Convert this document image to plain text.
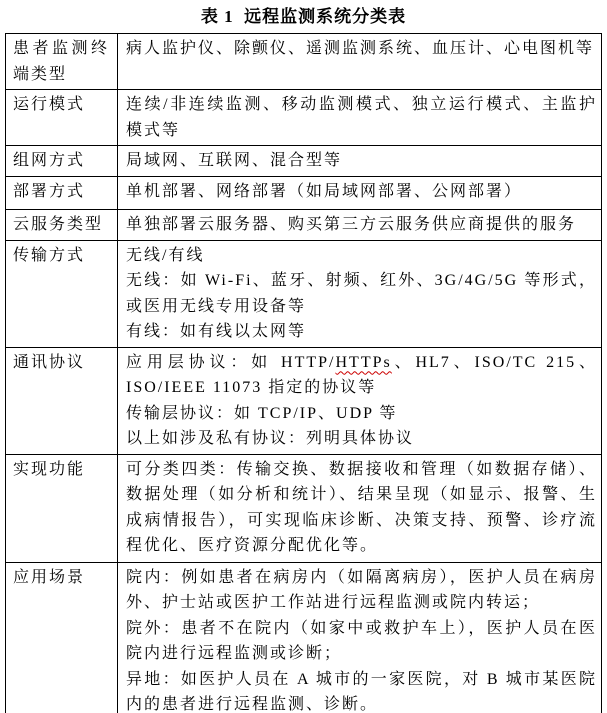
表 1  远程监测系统分类表
患者监测终端类型	病人监护仪、除颤仪、遥测监测系统、血压计、心电图机等

运行模式	连续/非连续监测、移动监测模式、独立运行模式、主监护模式等

组网方式	局域网、互联网、混合型等

部署方式	单机部署、网络部署（如局域网部署、公网部署）

云服务类型	单独部署云服务器、购买第三方云服务供应商提供的服务

传输方式	无线/有线
无线：如 Wi-Fi、蓝牙、射频、红外、3G/4G/5G 等形式，或医用无线专用设备等
有线：如有线以太网等

通讯协议	应用层协议：如 HTTP/HTTPs、HL7、ISO/TC 215、ISO/IEEE 11073 指定的协议等
传输层协议：如 TCP/IP、UDP 等
以上如涉及私有协议：列明具体协议

实现功能	可分类四类：传输交换、数据接收和管理（如数据存储）、数据处理（如分析和统计）、结果呈现（如显示、报警、生成病情报告），可实现临床诊断、决策支持、预警、诊疗流程优化、医疗资源分配优化等。

应用场景	院内：例如患者在病房内（如隔离病房），医护人员在病房外、护士站或医护工作站进行远程监测或院内转运；
院外：患者不在院内（如家中或救护车上），医护人员在医院内进行远程监测或诊断；
异地：如医护人员在 A 城市的一家医院，对 B 城市某医院内的患者进行远程监测、诊断。
